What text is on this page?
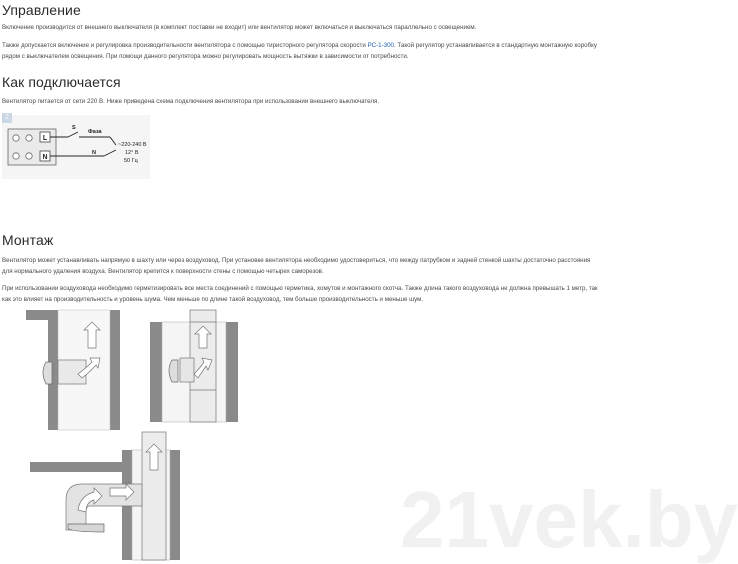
Управление

Включение производится от внешнего выключателя (в комплект поставки не входит) или вентилятор может включаться и выключаться параллельно с освещением.

Также допускается включение и регулировка производительности вентилятора с помощью тиристорного регулятора скорости РС-1-300. Такой регулятор устанавливается в стандартную монтажную коробку рядом с выключателем освещения. При помощи данного регулятора можно регулировать мощность вытяжки в зависимости от потребности.

Как подключается

Вентилятор питается от сети 220 В. Ниже приведена схема подключения вентилятора при использовании внешнего выключателя.

L
N
S
Фаза
N
~220-240 В
12° В
50 Гц
2
Монтаж

Вентилятор может устанавливать напрямую в шахту или через воздуховод. При установке вентилятора необходимо удостовериться, что между патрубком и задней стенкой шахты достаточно расстояния для нормального удаления воздуха. Вентилятор крепится к поверхности стены с помощью четырех саморезов.

При использовании воздуховода необходимо герметизировать все места соединений с помощью герметика, хомутов и монтажного скотча. Также длина такого воздуховода не должна превышать 1 метр, так как это влияет на производительность и уровень шума. Чем меньше по длине такой воздуховод, тем больше производительность и меньше шум.

21vek.by
